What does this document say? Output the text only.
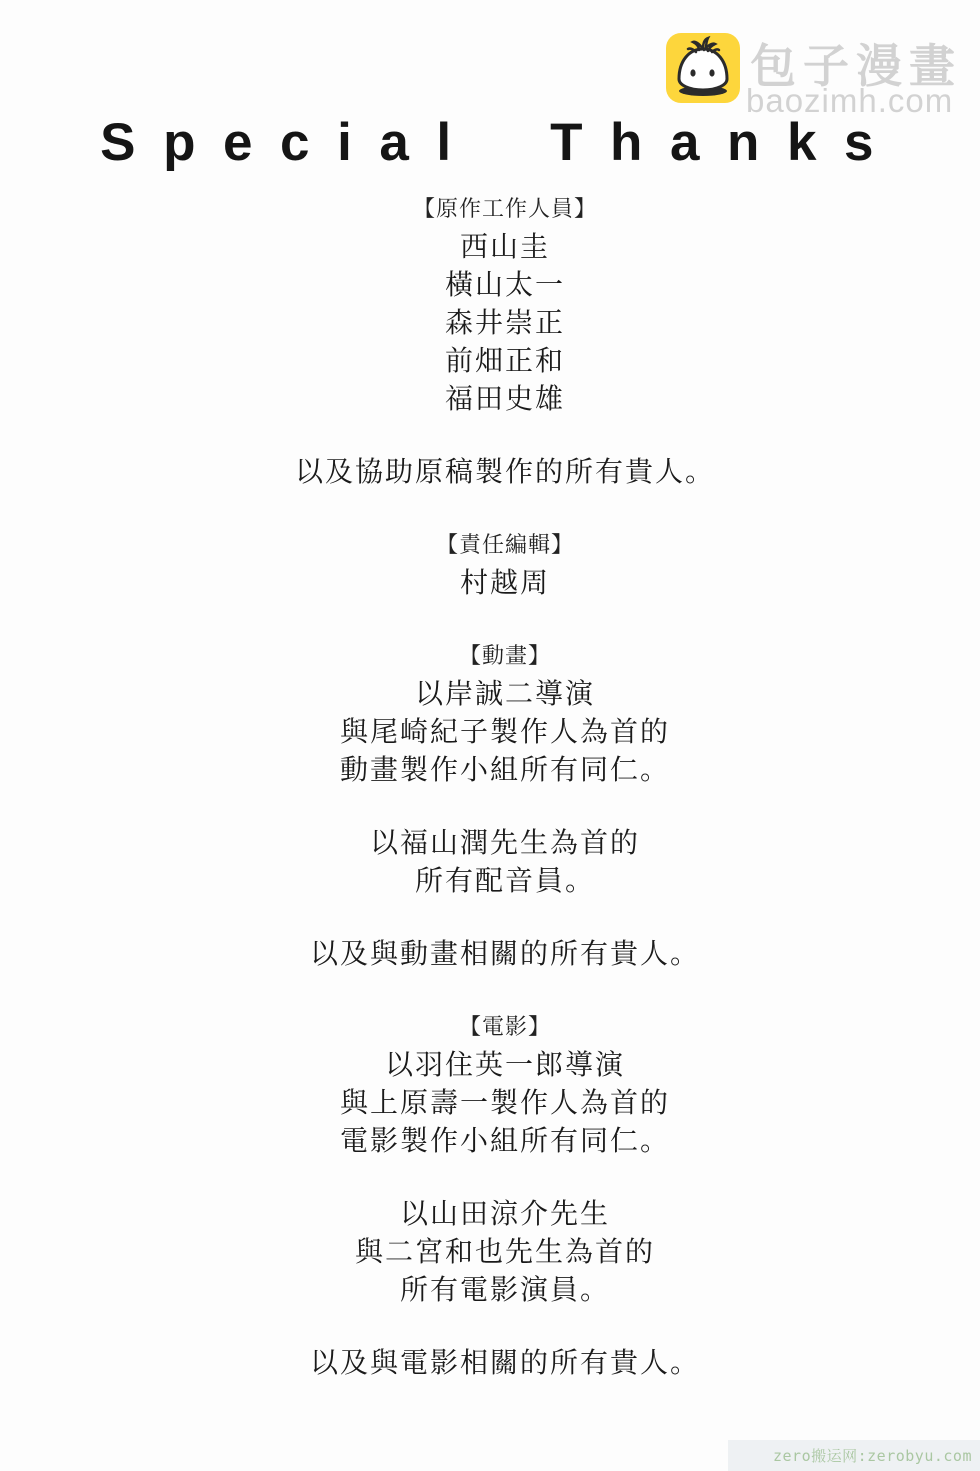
包子漫畫
baozimh.com
Special Thanks
【原作工作人員】
西山圭
橫山太一
森井崇正
前畑正和
福田史雄
以及協助原稿製作的所有貴人。
【責任編輯】
村越周
【動畫】
以岸誠二導演
與尾崎紀子製作人為首的
動畫製作小組所有同仁。
以福山潤先生為首的
所有配音員。
以及與動畫相關的所有貴人。
【電影】
以羽住英一郎導演
與上原壽一製作人為首的
電影製作小組所有同仁。
以山田涼介先生
與二宮和也先生為首的
所有電影演員。
以及與電影相關的所有貴人。
zero搬运网:zerobyu.com
